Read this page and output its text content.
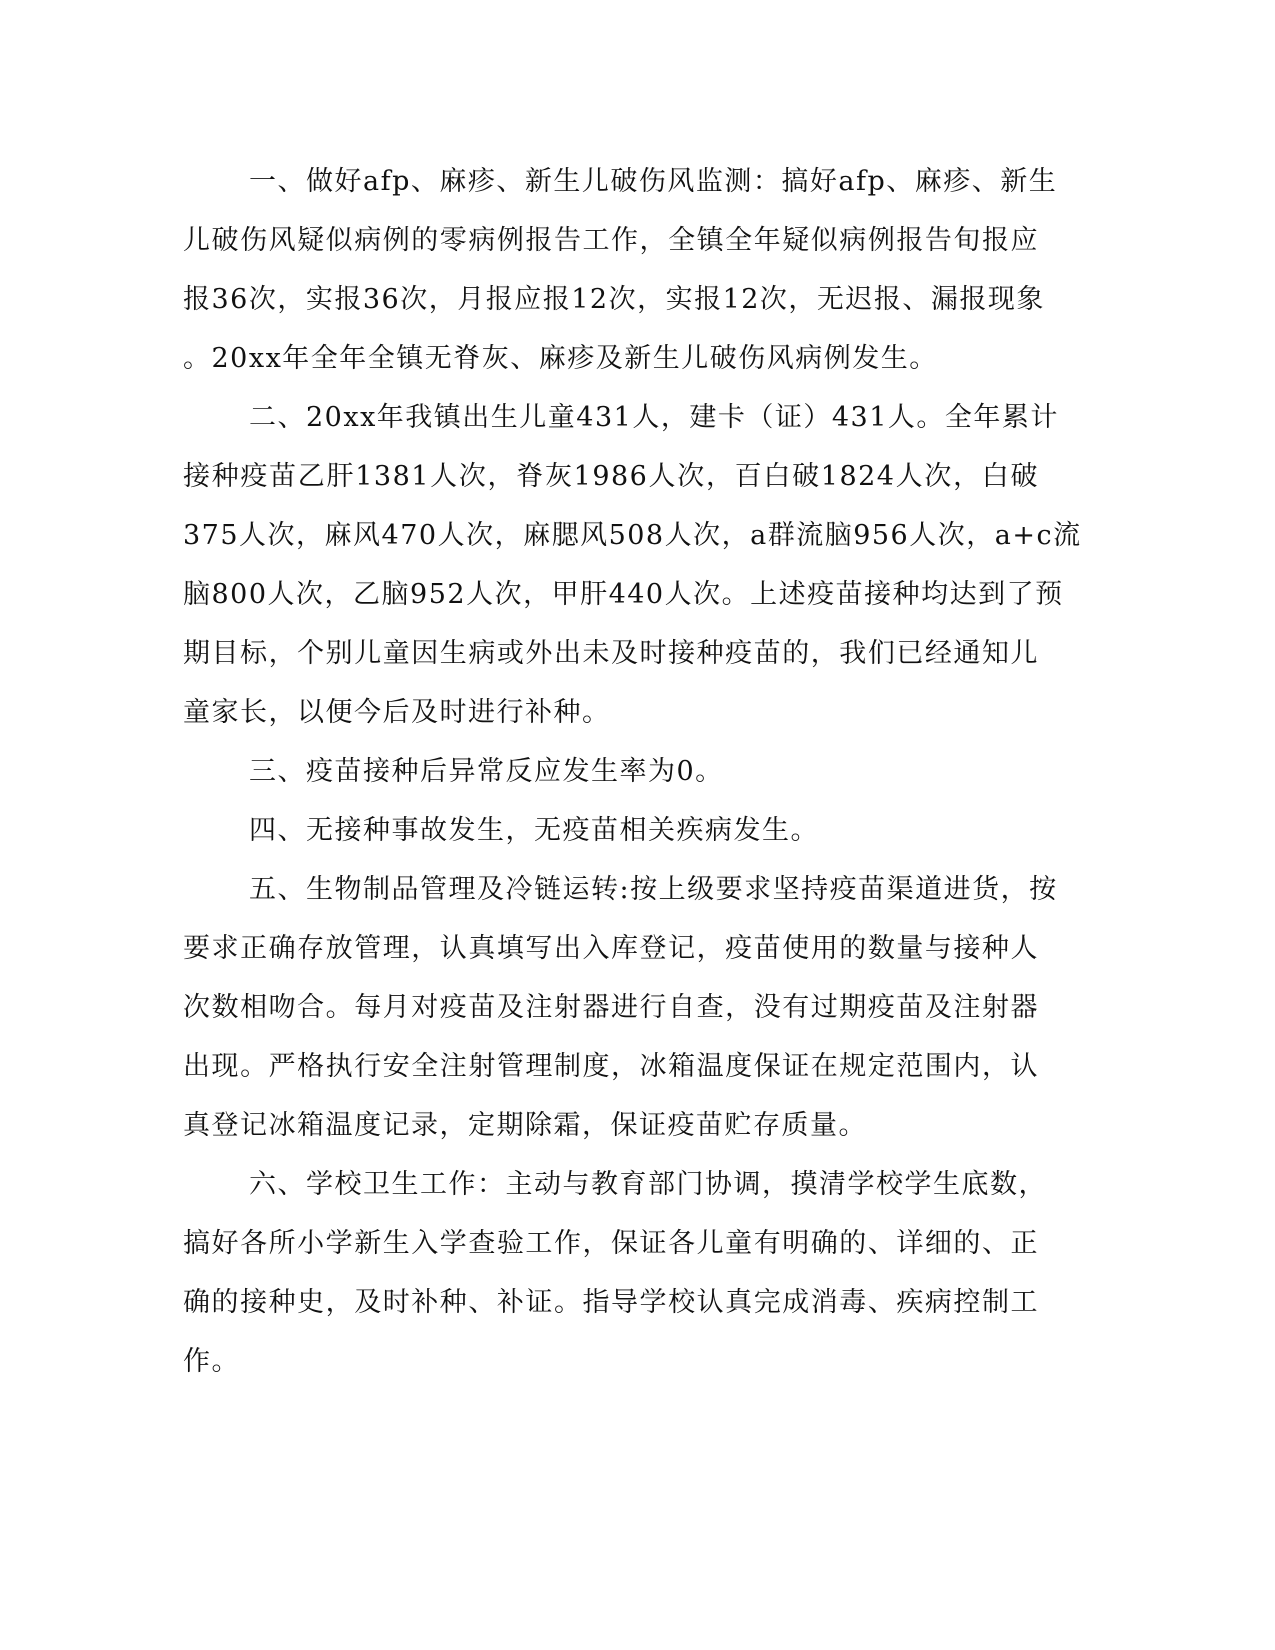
一、做好afp、麻疹、新生儿破伤风监测：搞好afp、麻疹、新生
儿破伤风疑似病例的零病例报告工作，全镇全年疑似病例报告旬报应
报36次，实报36次，月报应报12次，实报12次，无迟报、漏报现象
。20xx年全年全镇无脊灰、麻疹及新生儿破伤风病例发生。
二、20xx年我镇出生儿童431人，建卡（证）431人。全年累计
接种疫苗乙肝1381人次，脊灰1986人次，百白破1824人次，白破
375人次，麻风470人次，麻腮风508人次，a群流脑956人次，a+c流
脑800人次，乙脑952人次，甲肝440人次。上述疫苗接种均达到了预
期目标，个别儿童因生病或外出未及时接种疫苗的，我们已经通知儿
童家长，以便今后及时进行补种。
三、疫苗接种后异常反应发生率为0。
四、无接种事故发生，无疫苗相关疾病发生。
五、生物制品管理及冷链运转:按上级要求坚持疫苗渠道进货，按
要求正确存放管理，认真填写出入库登记，疫苗使用的数量与接种人
次数相吻合。每月对疫苗及注射器进行自查，没有过期疫苗及注射器
出现。严格执行安全注射管理制度，冰箱温度保证在规定范围内，认
真登记冰箱温度记录，定期除霜，保证疫苗贮存质量。
六、学校卫生工作：主动与教育部门协调，摸清学校学生底数，
搞好各所小学新生入学查验工作，保证各儿童有明确的、详细的、正
确的接种史，及时补种、补证。指导学校认真完成消毒、疾病控制工
作。
